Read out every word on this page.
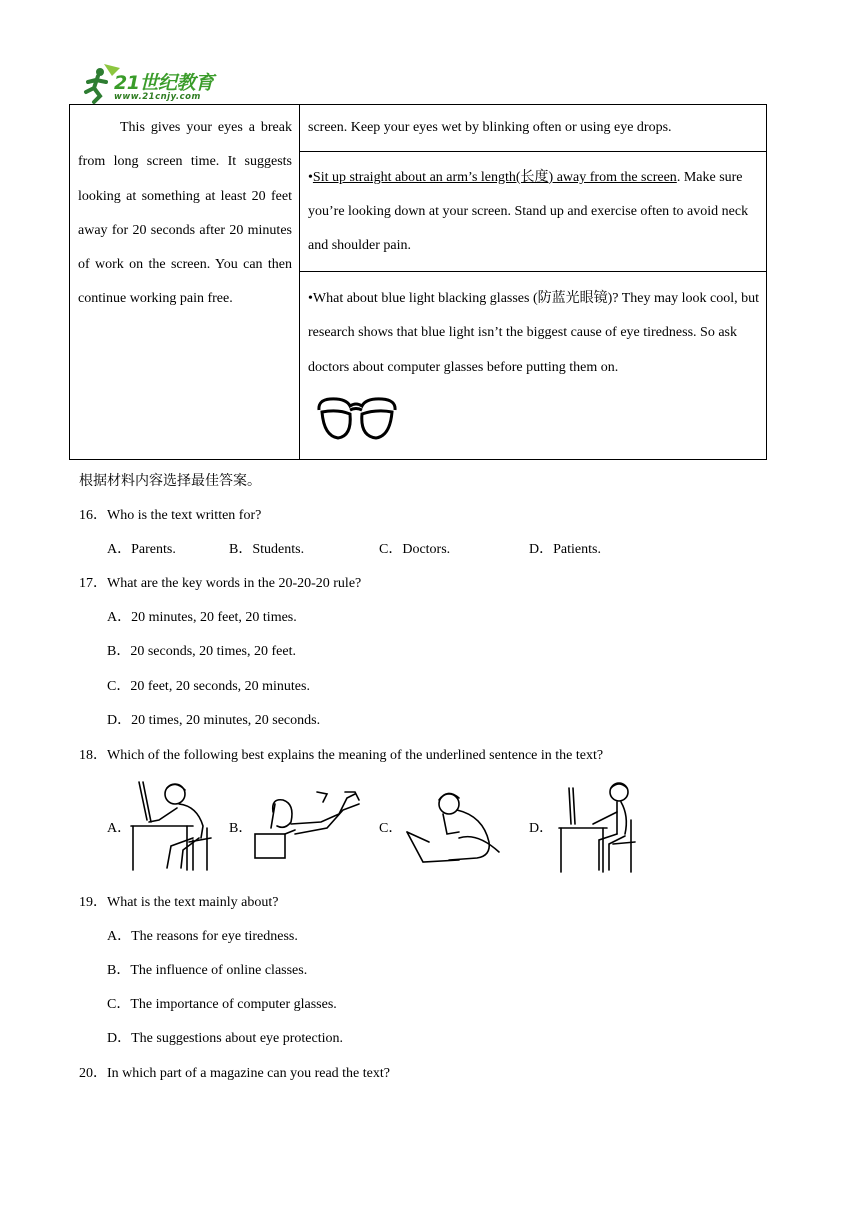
21世纪教育
www.21cnjy.com
This gives your eyes a break from long screen time. It suggests looking at something at least 20 feet away for 20 seconds after 20 minutes of work on the screen. You can then continue working pain free.
screen. Keep your eyes wet by blinking often or using eye drops.
•Sit up straight about an arm’s length(长度) away from the screen. Make sure you’re looking down at your screen. Stand up and exercise often to avoid neck and shoulder pain.
•What about blue light blacking glasses (防蓝光眼镜)? They may look cool, but research shows that blue light isn’t the biggest cause of eye tiredness. So ask doctors about computer glasses before putting them on.
根据材料内容选择最佳答案。
16．Who is the text written for?
A．Parents.	B．Students.	C．Doctors.	D．Patients.
17．What are the key words in the 20-20-20 rule?
A．20 minutes, 20 feet, 20 times.
B．20 seconds, 20 times, 20 feet.
C．20 feet, 20 seconds, 20 minutes.
D．20 times, 20 minutes, 20 seconds.
18．Which of the following best explains the meaning of the underlined sentence in the text?
A．	B．	C．	D．
19．What is the text mainly about?
A．The reasons for eye tiredness.
B．The influence of online classes.
C．The importance of computer glasses.
D．The suggestions about eye protection.
20．In which part of a magazine can you read the text?
